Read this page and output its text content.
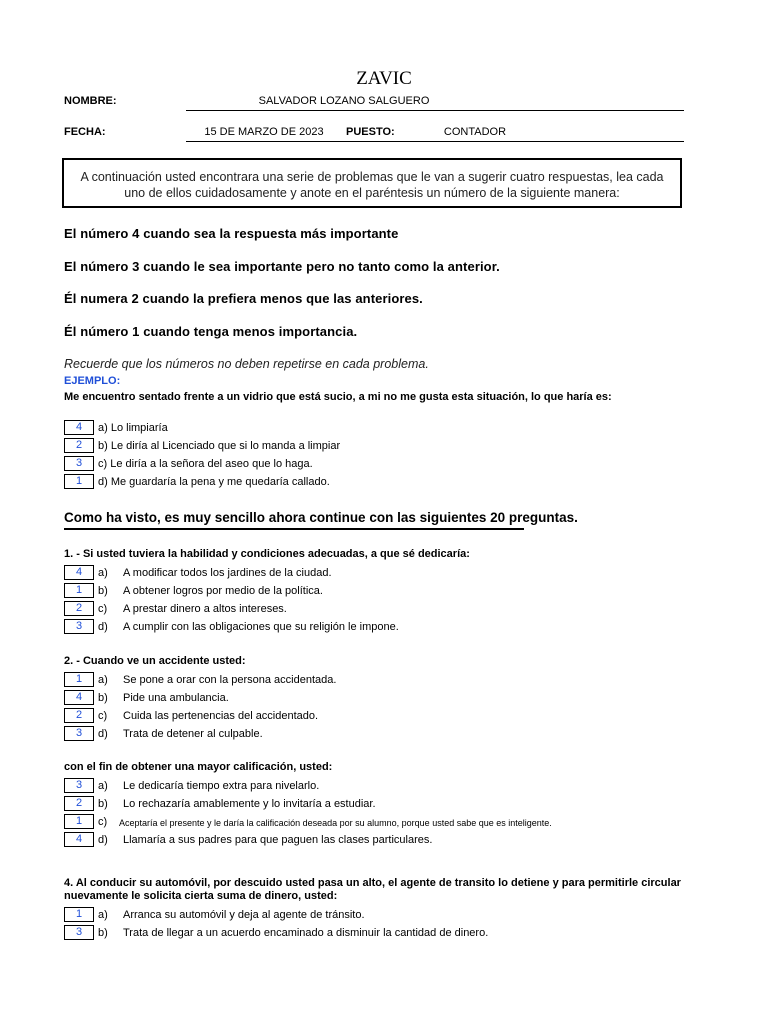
ZAVIC
NOMBRE:	SALVADOR LOZANO SALGUERO
FECHA:	15 DE MARZO DE 2023	PUESTO:	CONTADOR
A continuación usted encontrara una serie de problemas que le van a sugerir cuatro respuestas, lea cada uno de ellos cuidadosamente y anote en el paréntesis un número de la siguiente manera:
El número 4 cuando sea la respuesta más importante
El número 3 cuando le sea importante pero no tanto como la anterior.
Él numera 2 cuando la prefiera menos que las anteriores.
Él número 1 cuando tenga menos importancia.
Recuerde que los números no deben repetirse en cada problema.
EJEMPLO:
Me encuentro sentado frente a un vidrio que está sucio, a mi no me gusta esta situación, lo que haría es:
4	a) Lo limpiaría
2	b) Le diría al Licenciado que si lo manda a limpiar
3	c) Le diría a la señora del aseo que lo haga.
1	d) Me guardaría la pena y me quedaría callado.
Como ha visto, es muy sencillo ahora continue con las siguientes 20 preguntas.
1. - Si usted tuviera la habilidad y condiciones adecuadas, a que sé dedicaría:
4	a) A modificar todos los jardines de la ciudad.
1	b) A obtener logros por medio de la política.
2	c) A prestar dinero a altos intereses.
3	d) A cumplir con las obligaciones que su religión le impone.
2. - Cuando ve un accidente usted:
1	a) Se pone a orar con la persona accidentada.
4	b) Pide una ambulancia.
2	c) Cuida las pertenencias del accidentado.
3	d) Trata de detener al culpable.
con el fin de obtener una mayor calificación, usted:
3	a) Le dedicaría tiempo extra para nivelarlo.
2	b) Lo rechazaría amablemente y lo invitaría a estudiar.
1	c) Aceptaría el presente y le daría la calificación deseada por su alumno, porque usted sabe que es inteligente.
4	d) Llamaría a sus padres para que paguen las clases particulares.
4. Al conducir su automóvil, por descuido usted pasa un alto, el agente de transito lo detiene y para permitirle circular
nuevamente le solicita cierta suma de dinero, usted:
1	a) Arranca su automóvil y deja al agente de tránsito.
3	b) Trata de llegar a un acuerdo encaminado a disminuir la cantidad de dinero.
